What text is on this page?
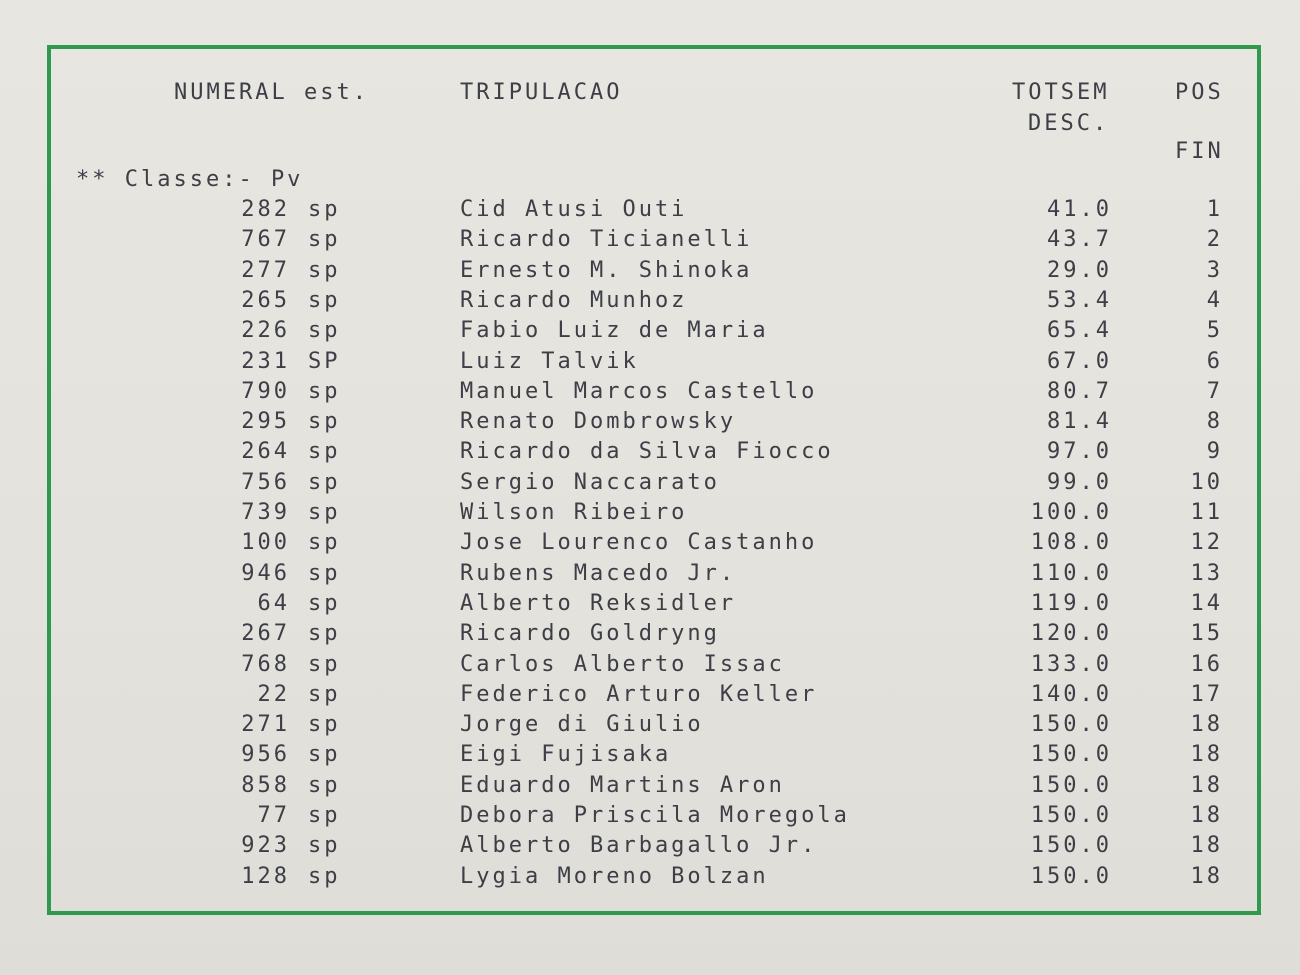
NUMERAL est.	TRIPULACAO	TOTSEM
DESC.
POS
FIN
** Classe:- Pv
282 sp	Cid Atusi Outi	41.0	1
767 sp	Ricardo Ticianelli	43.7	2
277 sp	Ernesto M. Shinoka	29.0	3
265 sp	Ricardo Munhoz	53.4	4
226 sp	Fabio Luiz de Maria	65.4	5
231 SP	Luiz Talvik	67.0	6
790 sp	Manuel Marcos Castello	80.7	7
295 sp	Renato Dombrowsky	81.4	8
264 sp	Ricardo da Silva Fiocco	97.0	9
756 sp	Sergio Naccarato	99.0	10
739 sp	Wilson Ribeiro	100.0	11
100 sp	Jose Lourenco Castanho	108.0	12
946 sp	Rubens Macedo Jr.	110.0	13
64 sp	Alberto Reksidler	119.0	14
267 sp	Ricardo Goldryng	120.0	15
768 sp	Carlos Alberto Issac	133.0	16
22 sp	Federico Arturo Keller	140.0	17
271 sp	Jorge di Giulio	150.0	18
956 sp	Eigi Fujisaka	150.0	18
858 sp	Eduardo Martins Aron	150.0	18
77 sp	Debora Priscila Moregola	150.0	18
923 sp	Alberto Barbagallo Jr.	150.0	18
128 sp	Lygia Moreno Bolzan	150.0	18
